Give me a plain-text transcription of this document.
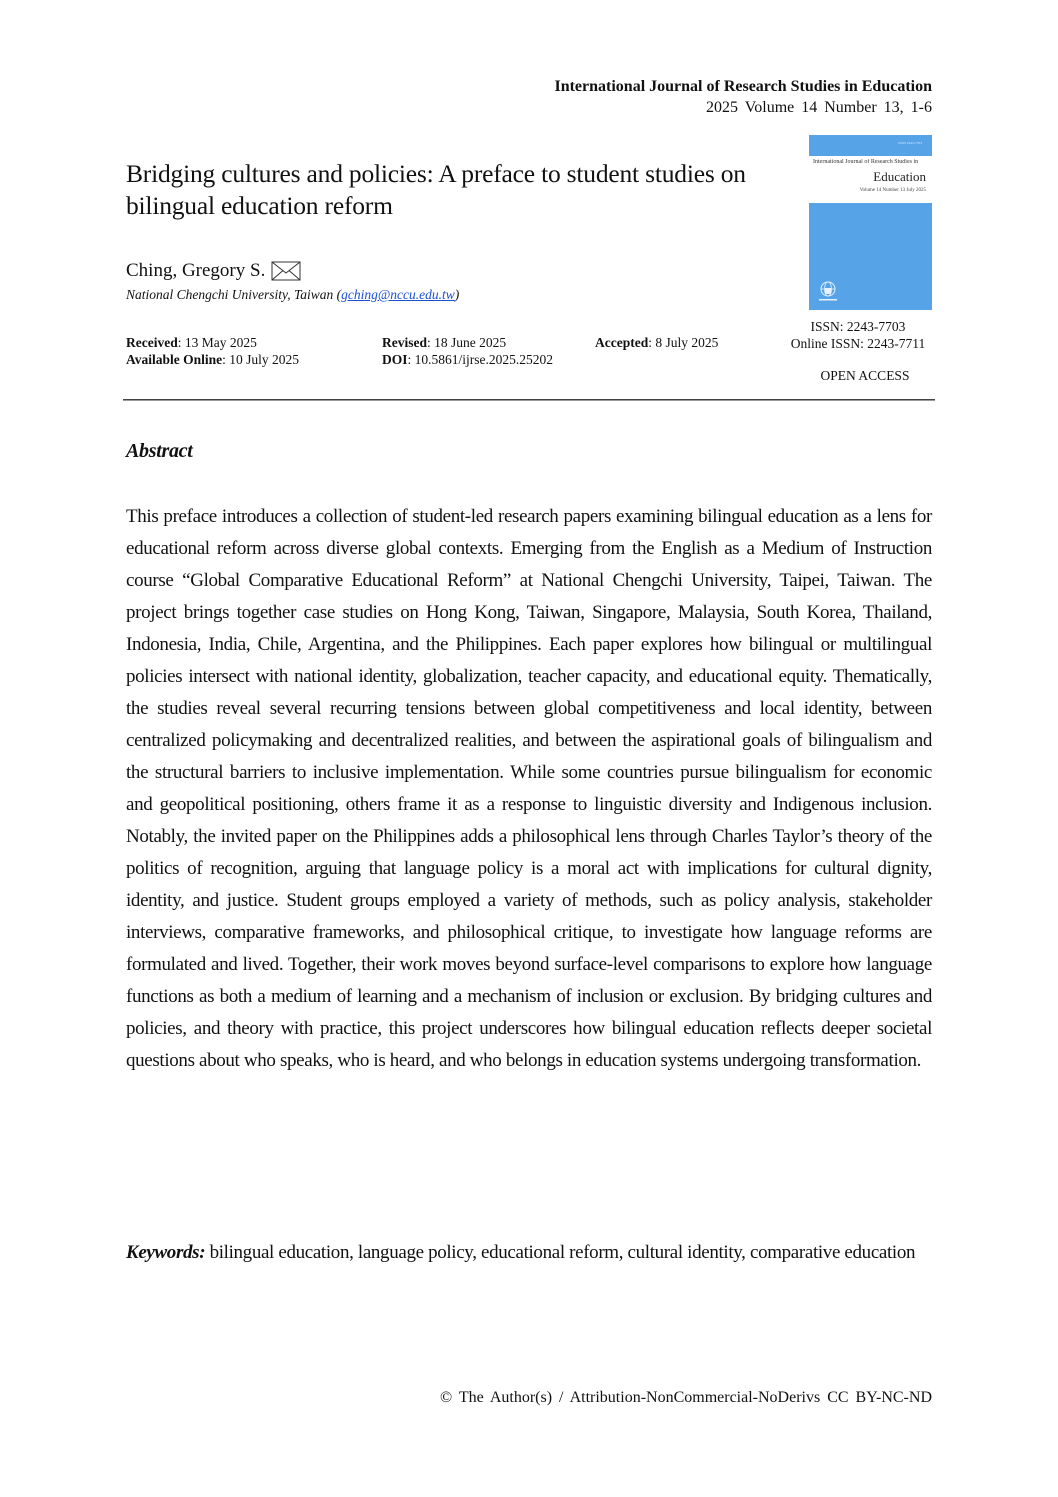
International Journal of Research Studies in Education
2025 Volume 14 Number 13, 1-6
Bridging cultures and policies: A preface to student studies on bilingual education reform
Ching, Gregory S.
National Chengchi University, Taiwan (gching@nccu.edu.tw)
Received: 13 May 2025	Revised: 18 June 2025	Accepted: 8 July 2025
Available Online: 10 July 2025	DOI: 10.5861/ijrse.2025.25202
ISSN 2243-7703
International Journal of Research Studies in
Education
Volume 14 Number 13 July 2025
ISSN: 2243-7703
Online ISSN: 2243-7711
OPEN ACCESS
Abstract

This preface introduces a collection of student-led research papers examining bilingual education as a lens for educational reform across diverse global contexts. Emerging from the English as a Medium of Instruction course “Global Comparative Educational Reform” at National Chengchi University, Taipei, Taiwan. The project brings together case studies on Hong Kong, Taiwan, Singapore, Malaysia, South Korea, Thailand, Indonesia, India, Chile, Argentina, and the Philippines. Each paper explores how bilingual or multilingual policies intersect with national identity, globalization, teacher capacity, and educational equity. Thematically, the studies reveal several recurring tensions between global competitiveness and local identity, between centralized policymaking and decentralized realities, and between the aspirational goals of bilingualism and the structural barriers to inclusive implementation. While some countries pursue bilingualism for economic and geopolitical positioning, others frame it as a response to linguistic diversity and Indigenous inclusion. Notably, the invited paper on the Philippines adds a philosophical lens through Charles Taylor’s theory of the politics of recognition, arguing that language policy is a moral act with implications for cultural dignity, identity, and justice. Student groups employed a variety of methods, such as policy analysis, stakeholder interviews, comparative frameworks, and philosophical critique, to investigate how language reforms are formulated and lived. Together, their work moves beyond surface-level comparisons to explore how language functions as both a medium of learning and a mechanism of inclusion or exclusion. By bridging cultures and policies, and theory with practice, this project underscores how bilingual education reflects deeper societal questions about who speaks, who is heard, and who belongs in education systems undergoing transformation.

Keywords: bilingual education, language policy, educational reform, cultural identity, comparative education

© The Author(s) / Attribution-NonCommercial-NoDerivs CC BY-NC-ND
